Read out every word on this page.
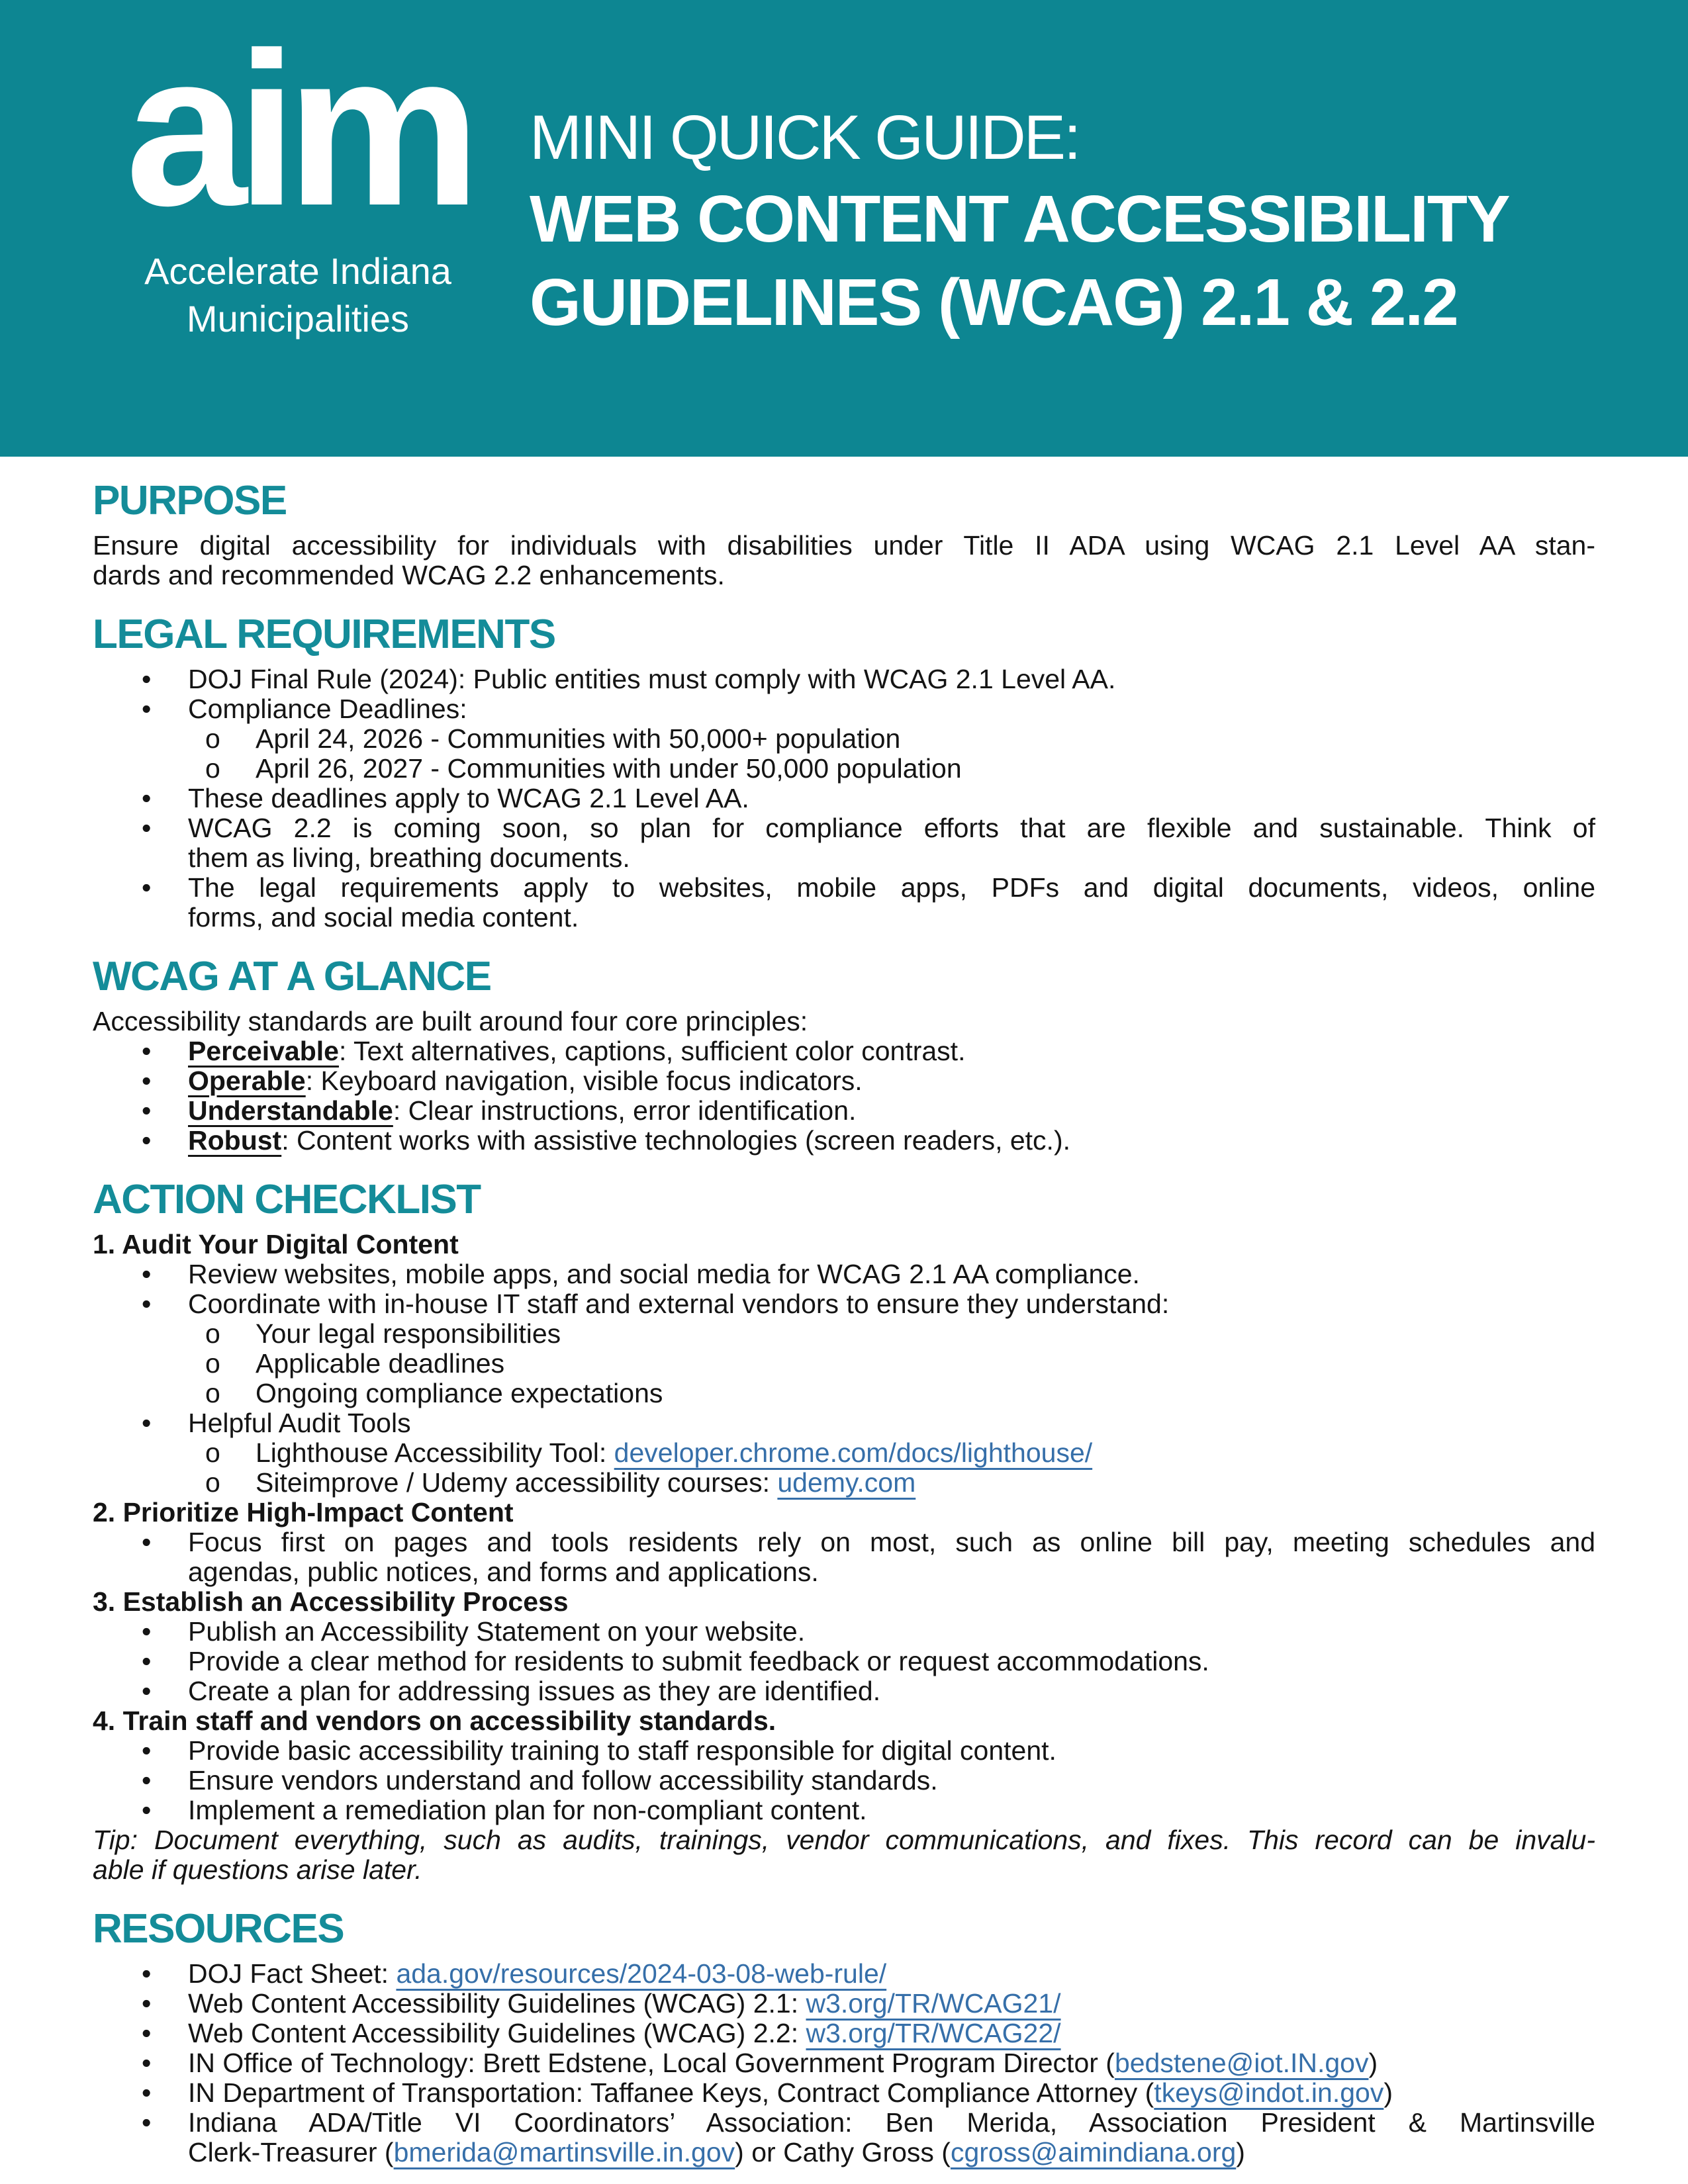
aim
Accelerate Indiana
Municipalities
MINI QUICK GUIDE:
WEB CONTENT ACCESSIBILITY
GUIDELINES (WCAG) 2.1 & 2.2
PURPOSE

Ensure digital accessibility for individuals with disabilities under Title II ADA using WCAG 2.1 Level AA stan-
dards and recommended WCAG 2.2 enhancements.

LEGAL REQUIREMENTS
•	DOJ Final Rule (2024): Public entities must comply with WCAG 2.1 Level AA.
•	Compliance Deadlines:
o	April 24, 2026 - Communities with 50,000+ population
o	April 26, 2027 - Communities with under 50,000 population
•	These deadlines apply to WCAG 2.1 Level AA.
•	WCAG 2.2 is coming soon, so plan for compliance efforts that are flexible and sustainable. Think of
them as living, breathing documents.
•	The legal requirements apply to websites, mobile apps, PDFs and digital documents, videos, online
forms, and social media content.
WCAG AT A GLANCE

Accessibility standards are built around four core principles:

•	Perceivable: Text alternatives, captions, sufficient color contrast.
•	Operable: Keyboard navigation, visible focus indicators.
•	Understandable: Clear instructions, error identification.
•	Robust: Content works with assistive technologies (screen readers, etc.).
ACTION CHECKLIST
1. Audit Your Digital Content
•	Review websites, mobile apps, and social media for WCAG 2.1 AA compliance.
•	Coordinate with in-house IT staff and external vendors to ensure they understand:
o	Your legal responsibilities
o	Applicable deadlines
o	Ongoing compliance expectations
•	Helpful Audit Tools
o	Lighthouse Accessibility Tool: developer.chrome.com/docs/lighthouse/
o	Siteimprove / Udemy accessibility courses: udemy.com
2. Prioritize High-Impact Content
•	Focus first on pages and tools residents rely on most, such as online bill pay, meeting schedules and
agendas, public notices, and forms and applications.
3. Establish an Accessibility Process
•	Publish an Accessibility Statement on your website.
•	Provide a clear method for residents to submit feedback or request accommodations.
•	Create a plan for addressing issues as they are identified.
4. Train staff and vendors on accessibility standards.
•	Provide basic accessibility training to staff responsible for digital content.
•	Ensure vendors understand and follow accessibility standards.
•	Implement a remediation plan for non-compliant content.

Tip: Document everything, such as audits, trainings, vendor communications, and fixes. This record can be invalu-
able if questions arise later.

RESOURCES
•	DOJ Fact Sheet: ada.gov/resources/2024-03-08-web-rule/
•	Web Content Accessibility Guidelines (WCAG) 2.1: w3.org/TR/WCAG21/
•	Web Content Accessibility Guidelines (WCAG) 2.2: w3.org/TR/WCAG22/
•	IN Office of Technology: Brett Edstene, Local Government Program Director (bedstene@iot.IN.gov)
•	IN Department of Transportation: Taffanee Keys, Contract Compliance Attorney (tkeys@indot.in.gov)
•	Indiana ADA/Title VI Coordinators’ Association: Ben Merida, Association President & Martinsville
Clerk-Treasurer (bmerida@martinsville.in.gov) or Cathy Gross (cgross@aimindiana.org)
